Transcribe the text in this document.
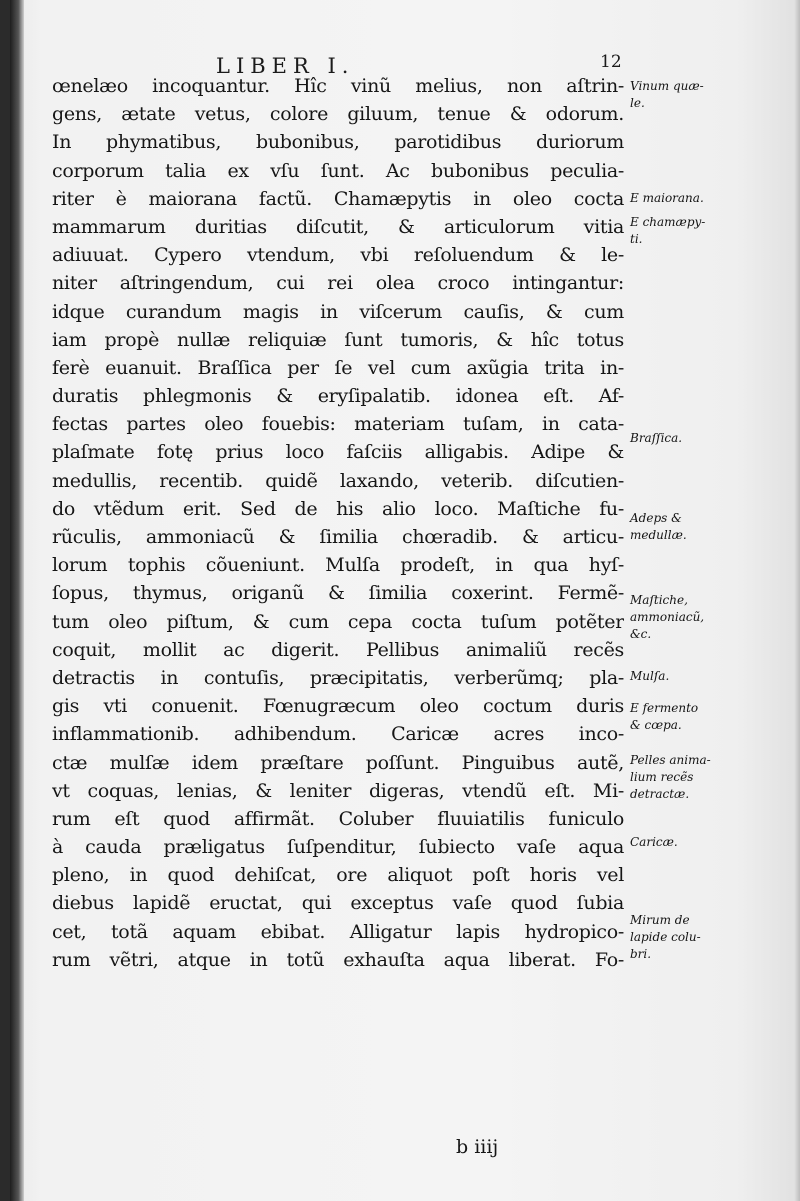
LIBER I.	12
œnelæo incoquantur. Hîc vinũ melius, non aſtrin-
gens, ætate vetus, colore giluum, tenue & odorum.
In phymatibus, bubonibus, parotidibus duriorum
corporum talia ex vſu ſunt. Ac bubonibus peculia-
riter è maiorana factũ. Chamæpytis in oleo cocta
mammarum duritias diſcutit, & articulorum vitia
adiuuat. Cypero vtendum, vbi reſoluendum & le-
niter aſtringendum, cui rei olea croco intingantur:
idque curandum magis in viſcerum cauſis, & cum
iam propè nullæ reliquiæ ſunt tumoris, & hîc totus
ferè euanuit. Braſſica per ſe vel cum axũgia trita in-
duratis phlegmonis & eryſipalatib. idonea eſt. Af-
fectas partes oleo fouebis: materiam tuſam, in cata-
plaſmate fotę prius loco faſciis alligabis. Adipe &
medullis, recentib. quidẽ laxando, veterib. diſcutien-
do vtẽdum erit. Sed de his alio loco. Maſtiche fu-
rũculis, ammoniacũ & ſimilia chœradib. & articu-
lorum tophis cõueniunt. Mulſa prodeſt, in qua hyſ-
ſopus, thymus, origanũ & ſimilia coxerint. Fermẽ-
tum oleo piſtum, & cum cepa cocta tuſum potẽter
coquit, mollit ac digerit. Pellibus animaliũ recẽs
detractis in contuſis, præcipitatis, verberũmq; pla-
gis vti conuenit. Fœnugræcum oleo coctum duris
inflammationib. adhibendum. Caricæ acres inco-
ctæ mulſæ idem præſtare poſſunt. Pinguibus autẽ,
vt coquas, lenias, & leniter digeras, vtendũ eſt. Mi-
rum eſt quod affirmãt. Coluber fluuiatilis funiculo
à cauda præligatus ſuſpenditur, ſubiecto vaſe aqua
pleno, in quod dehiſcat, ore aliquot poſt horis vel
diebus lapidẽ eructat, qui exceptus vaſe quod ſubia
cet, totã aquam ebibat. Alligatur lapis hydropico-
rum vẽtri, atque in totũ exhauſta aqua liberat. Fo-
b iiij

Vinum quæ-
le.

E maiorana.

E chamæpy-
ti.

Braſſica.

Adeps &
medullæ.

Maſtiche,
ammoniacũ,
&c.

Mulſa.

E fermento
& cœpa.

Pelles anima-
lium recẽs
detractæ.

Caricæ.

Mirum de
lapide colu-
bri.
